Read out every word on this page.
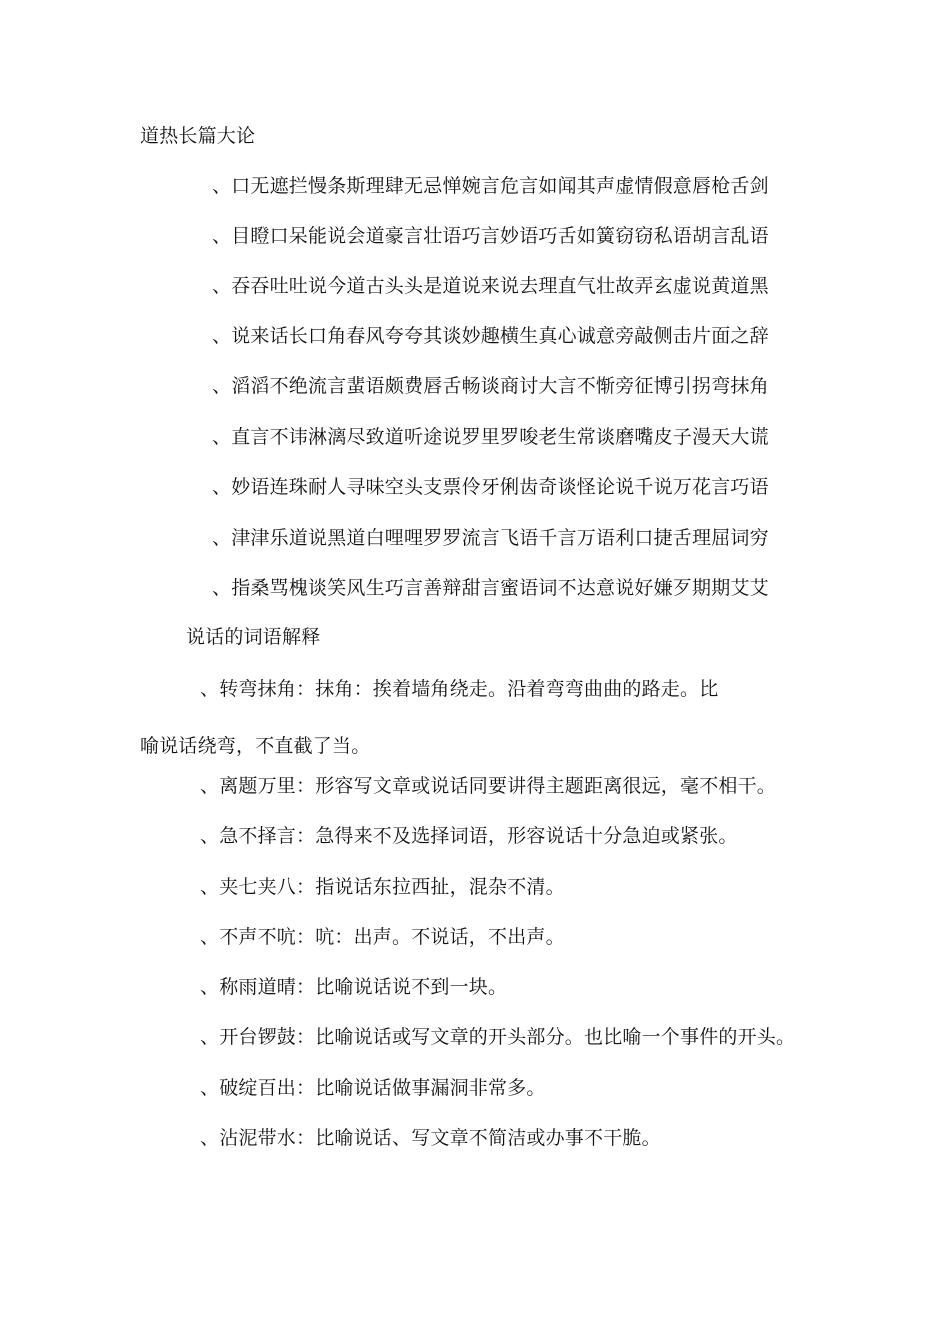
道热长篇大论
、口无遮拦慢条斯理肆无忌惮婉言危言如闻其声虚情假意唇枪舌剑
、目瞪口呆能说会道豪言壮语巧言妙语巧舌如簧窃窃私语胡言乱语
、吞吞吐吐说今道古头头是道说来说去理直气壮故弄玄虚说黄道黑
、说来话长口角春风夸夸其谈妙趣横生真心诚意旁敲侧击片面之辞
、滔滔不绝流言蜚语颇费唇舌畅谈商讨大言不惭旁征博引拐弯抹角
、直言不讳淋漓尽致道听途说罗里罗唆老生常谈磨嘴皮子漫天大谎
、妙语连珠耐人寻味空头支票伶牙俐齿奇谈怪论说千说万花言巧语
、津津乐道说黑道白哩哩罗罗流言飞语千言万语利口捷舌理屈词穷
、指桑骂槐谈笑风生巧言善辩甜言蜜语词不达意说好嫌歹期期艾艾
说话的词语解释
、转弯抹角：抹角：挨着墙角绕走。沿着弯弯曲曲的路走。比
喻说话绕弯，不直截了当。
、离题万里：形容写文章或说话同要讲得主题距离很远，毫不相干。
、急不择言：急得来不及选择词语，形容说话十分急迫或紧张。
、夹七夹八：指说话东拉西扯，混杂不清。
、不声不吭：吭：出声。不说话，不出声。
、称雨道晴：比喻说话说不到一块。
、开台锣鼓：比喻说话或写文章的开头部分。也比喻一个事件的开头。
、破绽百出：比喻说话做事漏洞非常多。
、沾泥带水：比喻说话、写文章不简洁或办事不干脆。
